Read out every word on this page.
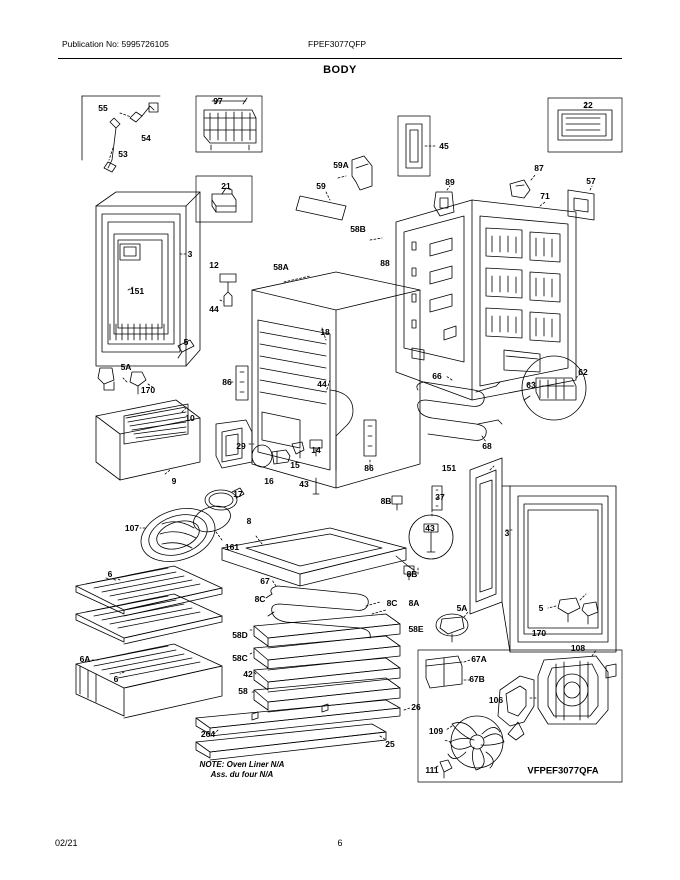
Publication No: 5995726105	FPEF3077QFP
BODY
55
54
53
97
21
59A
59
45
89
87
71
22
57
58B
88
3
151
12
44
58A
18
62
63
5
5A
170
86	44
66
68
10
9
29	14
15
16
17
43
86	151
37
8B
43	3
107
161
8
8B
6
6
6A
67
8C	8C 8A
58E
5A	5
170
58D
58C
42
58
67A
67B
108
106
109
111
26
25
264
NOTE: Oven Liner N/A
Ass. du four N/A	VFPEF3077QFA
02/21	6
